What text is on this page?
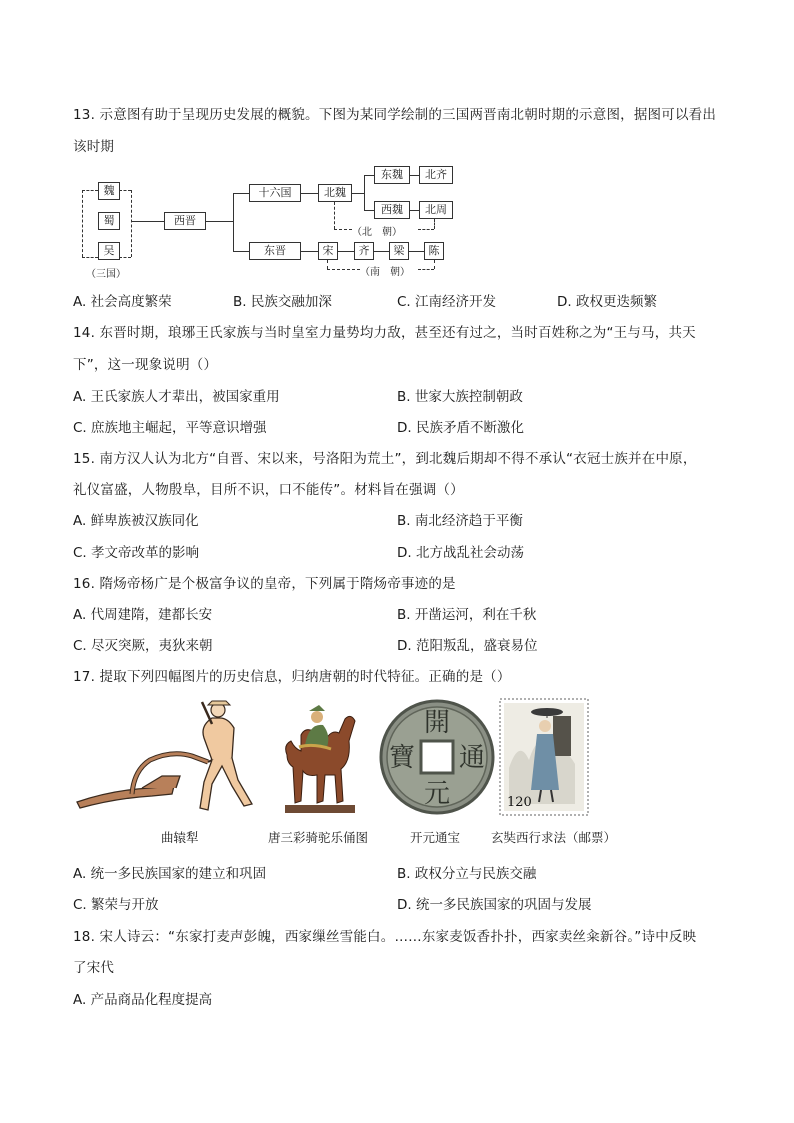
13. 示意图有助于呈现历史发展的概貌。下图为某同学绘制的三国两晋南北朝时期的示意图，据图可以看出
该时期
魏
蜀
吴
（三国）
西晋
十六国	北魏
东魏	北齐
西魏	北周
（北　朝）
东晋	宋	齐	梁	陈
（南　朝）
A. 社会高度繁荣	B. 民族交融加深	C. 江南经济开发	D. 政权更迭频繁
14. 东晋时期，琅琊王氏家族与当时皇室力量势均力敌，甚至还有过之，当时百姓称之为“王与马，共天
下”，这一现象说明（）
A. 王氏家族人才辈出，被国家重用	B. 世家大族控制朝政
C. 庶族地主崛起，平等意识增强	D. 民族矛盾不断激化
15. 南方汉人认为北方“自晋、宋以来，号洛阳为荒土”，到北魏后期却不得不承认“衣冠士族并在中原，
礼仪富盛，人物殷阜，目所不识，口不能传”。材料旨在强调（）
A. 鲜卑族被汉族同化	B. 南北经济趋于平衡
C. 孝文帝改革的影响	D. 北方战乱社会动荡
16. 隋炀帝杨广是个极富争议的皇帝，下列属于隋炀帝事迹的是
A. 代周建隋，建都长安	B. 开凿运河，利在千秋
C. 尽灭突厥，夷狄来朝	D. 范阳叛乱，盛衰易位
17. 提取下列四幅图片的历史信息，归纳唐朝的时代特征。正确的是（）
開
通
元
寶
120
曲辕犁	唐三彩骑驼乐俑图	开元通宝 玄奘西行求法（邮票）
A. 统一多民族国家的建立和巩固	B. 政权分立与民族交融
C. 繁荣与开放	D. 统一多民族国家的巩固与发展
18. 宋人诗云：“东家打麦声彭魄，西家缫丝雪能白。……东家麦饭香扑扑，西家卖丝籴新谷。”诗中反映
了宋代
A. 产品商品化程度提高
